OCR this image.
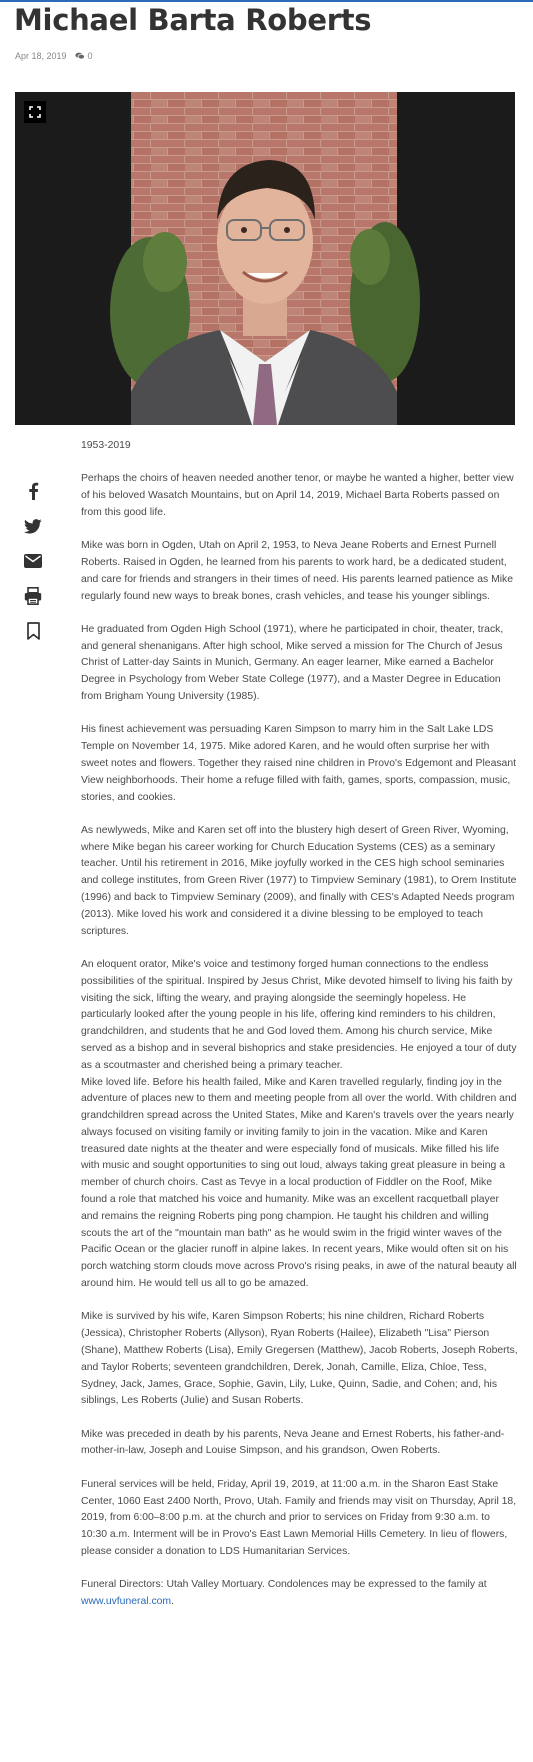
Michael Barta Roberts
Apr 18, 2019 0

1953-2019

Perhaps the choirs of heaven needed another tenor, or maybe he wanted a higher, better view of his beloved Wasatch Mountains, but on April 14, 2019, Michael Barta Roberts passed on from this good life.

Mike was born in Ogden, Utah on April 2, 1953, to Neva Jeane Roberts and Ernest Purnell Roberts. Raised in Ogden, he learned from his parents to work hard, be a dedicated student, and care for friends and strangers in their times of need. His parents learned patience as Mike regularly found new ways to break bones, crash vehicles, and tease his younger siblings.

He graduated from Ogden High School (1971), where he participated in choir, theater, track, and general shenanigans. After high school, Mike served a mission for The Church of Jesus Christ of Latter-day Saints in Munich, Germany. An eager learner, Mike earned a Bachelor Degree in Psychology from Weber State College (1977), and a Master Degree in Education from Brigham Young University (1985).

His finest achievement was persuading Karen Simpson to marry him in the Salt Lake LDS Temple on November 14, 1975. Mike adored Karen, and he would often surprise her with sweet notes and flowers. Together they raised nine children in Provo's Edgemont and Pleasant View neighborhoods. Their home a refuge filled with faith, games, sports, compassion, music, stories, and cookies.

As newlyweds, Mike and Karen set off into the blustery high desert of Green River, Wyoming, where Mike began his career working for Church Education Systems (CES) as a seminary teacher. Until his retirement in 2016, Mike joyfully worked in the CES high school seminaries and college institutes, from Green River (1977) to Timpview Seminary (1981), to Orem Institute (1996) and back to Timpview Seminary (2009), and finally with CES's Adapted Needs program (2013). Mike loved his work and considered it a divine blessing to be employed to teach scriptures.

An eloquent orator, Mike's voice and testimony forged human connections to the endless possibilities of the spiritual. Inspired by Jesus Christ, Mike devoted himself to living his faith by visiting the sick, lifting the weary, and praying alongside the seemingly hopeless. He particularly looked after the young people in his life, offering kind reminders to his children, grandchildren, and students that he and God loved them. Among his church service, Mike served as a bishop and in several bishoprics and stake presidencies. He enjoyed a tour of duty as a scoutmaster and cherished being a primary teacher.

Mike loved life. Before his health failed, Mike and Karen travelled regularly, finding joy in the adventure of places new to them and meeting people from all over the world. With children and grandchildren spread across the United States, Mike and Karen's travels over the years nearly always focused on visiting family or inviting family to join in the vacation. Mike and Karen treasured date nights at the theater and were especially fond of musicals. Mike filled his life with music and sought opportunities to sing out loud, always taking great pleasure in being a member of church choirs. Cast as Tevye in a local production of Fiddler on the Roof, Mike found a role that matched his voice and humanity. Mike was an excellent racquetball player and remains the reigning Roberts ping pong champion. He taught his children and willing scouts the art of the "mountain man bath" as he would swim in the frigid winter waves of the Pacific Ocean or the glacier runoff in alpine lakes. In recent years, Mike would often sit on his porch watching storm clouds move across Provo's rising peaks, in awe of the natural beauty all around him. He would tell us all to go be amazed.

Mike is survived by his wife, Karen Simpson Roberts; his nine children, Richard Roberts (Jessica), Christopher Roberts (Allyson), Ryan Roberts (Hailee), Elizabeth "Lisa" Pierson (Shane), Matthew Roberts (Lisa), Emily Gregersen (Matthew), Jacob Roberts, Joseph Roberts, and Taylor Roberts; seventeen grandchildren, Derek, Jonah, Camille, Eliza, Chloe, Tess, Sydney, Jack, James, Grace, Sophie, Gavin, Lily, Luke, Quinn, Sadie, and Cohen; and, his siblings, Les Roberts (Julie) and Susan Roberts.

Mike was preceded in death by his parents, Neva Jeane and Ernest Roberts, his father-and-mother-in-law, Joseph and Louise Simpson, and his grandson, Owen Roberts.

Funeral services will be held, Friday, April 19, 2019, at 11:00 a.m. in the Sharon East Stake Center, 1060 East 2400 North, Provo, Utah. Family and friends may visit on Thursday, April 18, 2019, from 6:00–8:00 p.m. at the church and prior to services on Friday from 9:30 a.m. to 10:30 a.m. Interment will be in Provo's East Lawn Memorial Hills Cemetery. In lieu of flowers, please consider a donation to LDS Humanitarian Services.

Funeral Directors: Utah Valley Mortuary. Condolences may be expressed to the family at www.uvfuneral.com.
